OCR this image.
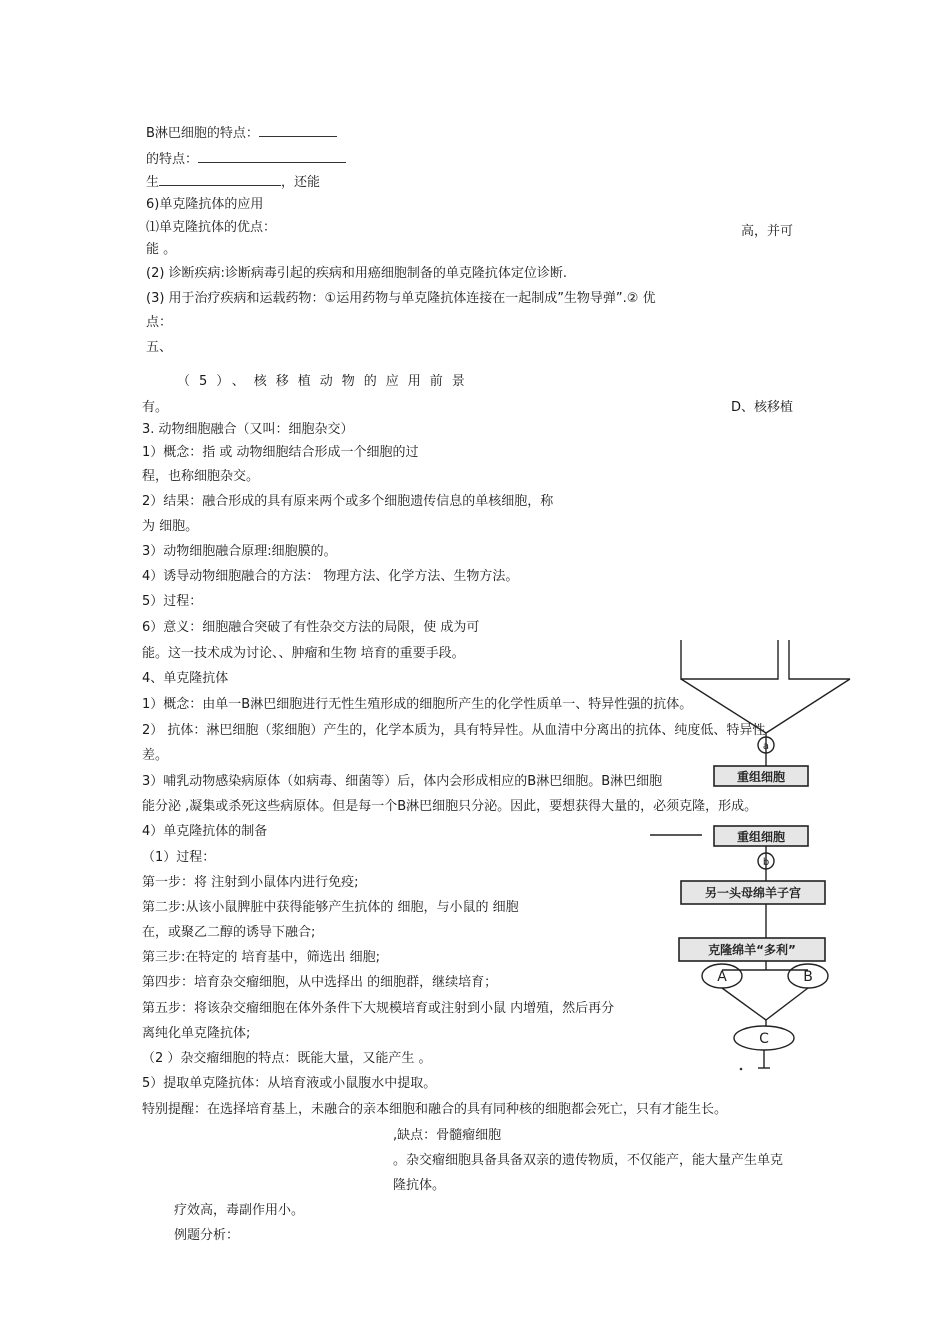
B淋巴细胞的特点：
的特点：
生	，还能
6)单克隆抗体的应用
⑴单克隆抗体的优点：	高，并可
能 。
(2) 诊断疾病:诊断病毒引起的疾病和用癌细胞制备的单克隆抗体定位诊断.
(3) 用于治疗疾病和运载药物：①运用药物与单克隆抗体连接在一起制成”生物导弹”.② 优
点：
五、
（5）、核移植动物的应用前景
有。	D、核移植
3. 动物细胞融合（又叫：细胞杂交）
1）概念：指 或 动物细胞结合形成一个细胞的过
程，也称细胞杂交。
2）结果：融合形成的具有原来两个或多个细胞遗传信息的单核细胞，称
为 细胞。
3）动物细胞融合原理:细胞膜的。
4）诱导动物细胞融合的方法： 物理方法、化学方法、生物方法。
5）过程：
6）意义：细胞融合突破了有性杂交方法的局限，使 成为可
能。这一技术成为讨论、、肿瘤和生物 培育的重要手段。
4、单克隆抗体
1）概念：由单一B淋巴细胞进行无性生殖形成的细胞所产生的化学性质单一、特异性强的抗体。
2） 抗体：淋巴细胞（浆细胞）产生的，化学本质为，具有特异性。从血清中分离出的抗体、纯度低、特异性
差。
3）哺乳动物感染病原体（如病毒、细菌等）后，体内会形成相应的B淋巴细胞。B淋巴细胞
能分泌 ,凝集或杀死这些病原体。但是每一个B淋巴细胞只分泌。因此，要想获得大量的，必须克隆，形成。
4）单克隆抗体的制备
（1）过程：
第一步：将 注射到小鼠体内进行免疫;
第二步:从该小鼠脾脏中获得能够产生抗体的 细胞，与小鼠的 细胞
在，或聚乙二醇的诱导下融合;
第三步:在特定的 培育基中，筛选出 细胞;
第四步：培育杂交瘤细胞，从中选择出 的细胞群，继续培育；
第五步：将该杂交瘤细胞在体外条件下大规模培育或注射到小鼠 内增殖，然后再分
离纯化单克隆抗体;
（2 ）杂交瘤细胞的特点：既能大量，又能产生 。
5）提取单克隆抗体：从培育液或小鼠腹水中提取。
特别提醒：在选择培育基上，未融合的亲本细胞和融合的具有同种核的细胞都会死亡，只有才能生长。
,缺点：骨髓瘤细胞
。杂交瘤细胞具备具备双亲的遗传物质，不仅能产，能大量产生单克
隆抗体。
疗效高，毒副作用小。
例题分析：
a
重组细胞
重组细胞
b
另一头母绵羊子宫
克隆绵羊“多利”
A	B
C
